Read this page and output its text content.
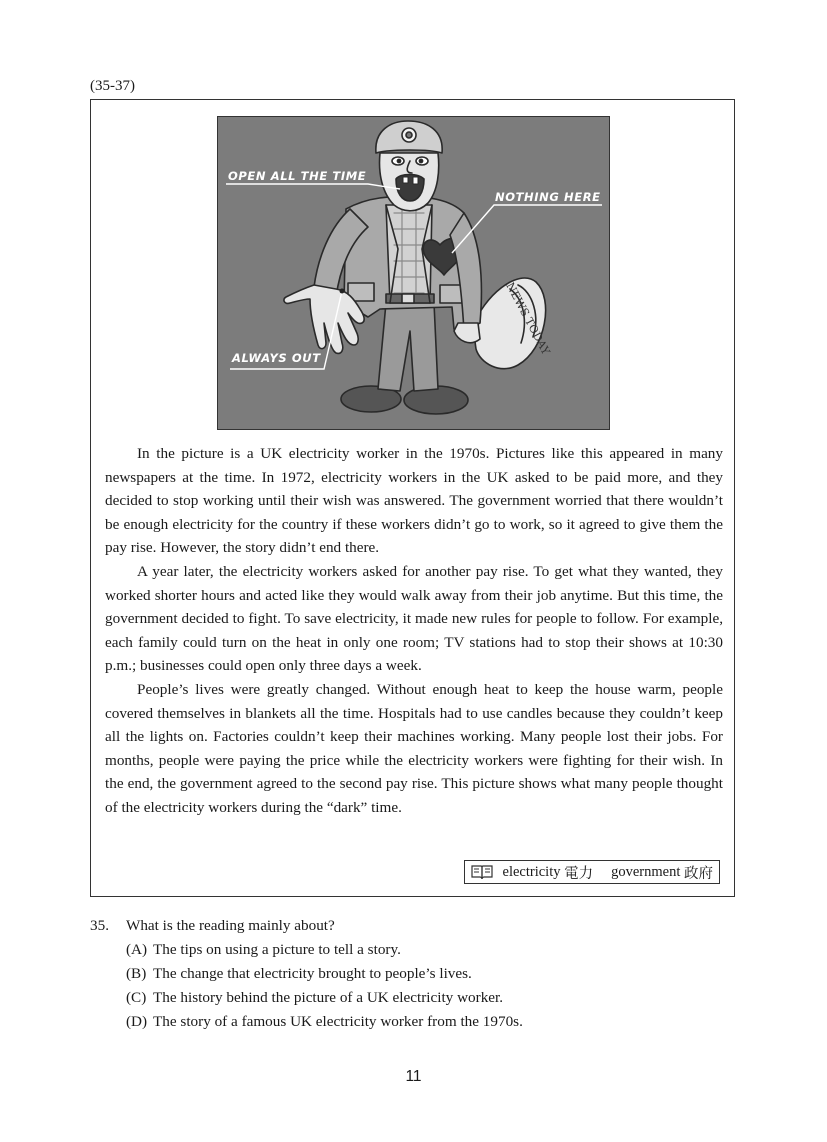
(35-37)
NEWS TODAY
OPEN ALL THE TIME
NOTHING HERE
ALWAYS OUT

In the picture is a UK electricity worker in the 1970s. Pictures like this appeared in many newspapers at the time. In 1972, electricity workers in the UK asked to be paid more, and they decided to stop working until their wish was answered. The government worried that there wouldn’t be enough electricity for the country if these workers didn’t go to work, so it agreed to give them the pay rise. However, the story didn’t end there.

A year later, the electricity workers asked for another pay rise. To get what they wanted, they worked shorter hours and acted like they would walk away from their job anytime. But this time, the government decided to fight. To save electricity, it made new rules for people to follow. For example, each family could turn on the heat in only one room; TV stations had to stop their shows at 10:30 p.m.; businesses could open only three days a week.

People’s lives were greatly changed. Without enough heat to keep the house warm, people covered themselves in blankets all the time. Hospitals had to use candles because they couldn’t keep all the lights on. Factories couldn’t keep their machines working. Many people lost their jobs. For months, people were paying the price while the electricity workers were fighting for their wish. In the end, the government agreed to the second pay rise. This picture shows what many people thought of the electricity workers during the “dark” time.

electricity
電力 government
政府
35. What is the reading mainly about?
(A) The tips on using a picture to tell a story.
(B) The change that electricity brought to people’s lives.
(C) The history behind the picture of a UK electricity worker.
(D) The story of a famous UK electricity worker from the 1970s.
11
